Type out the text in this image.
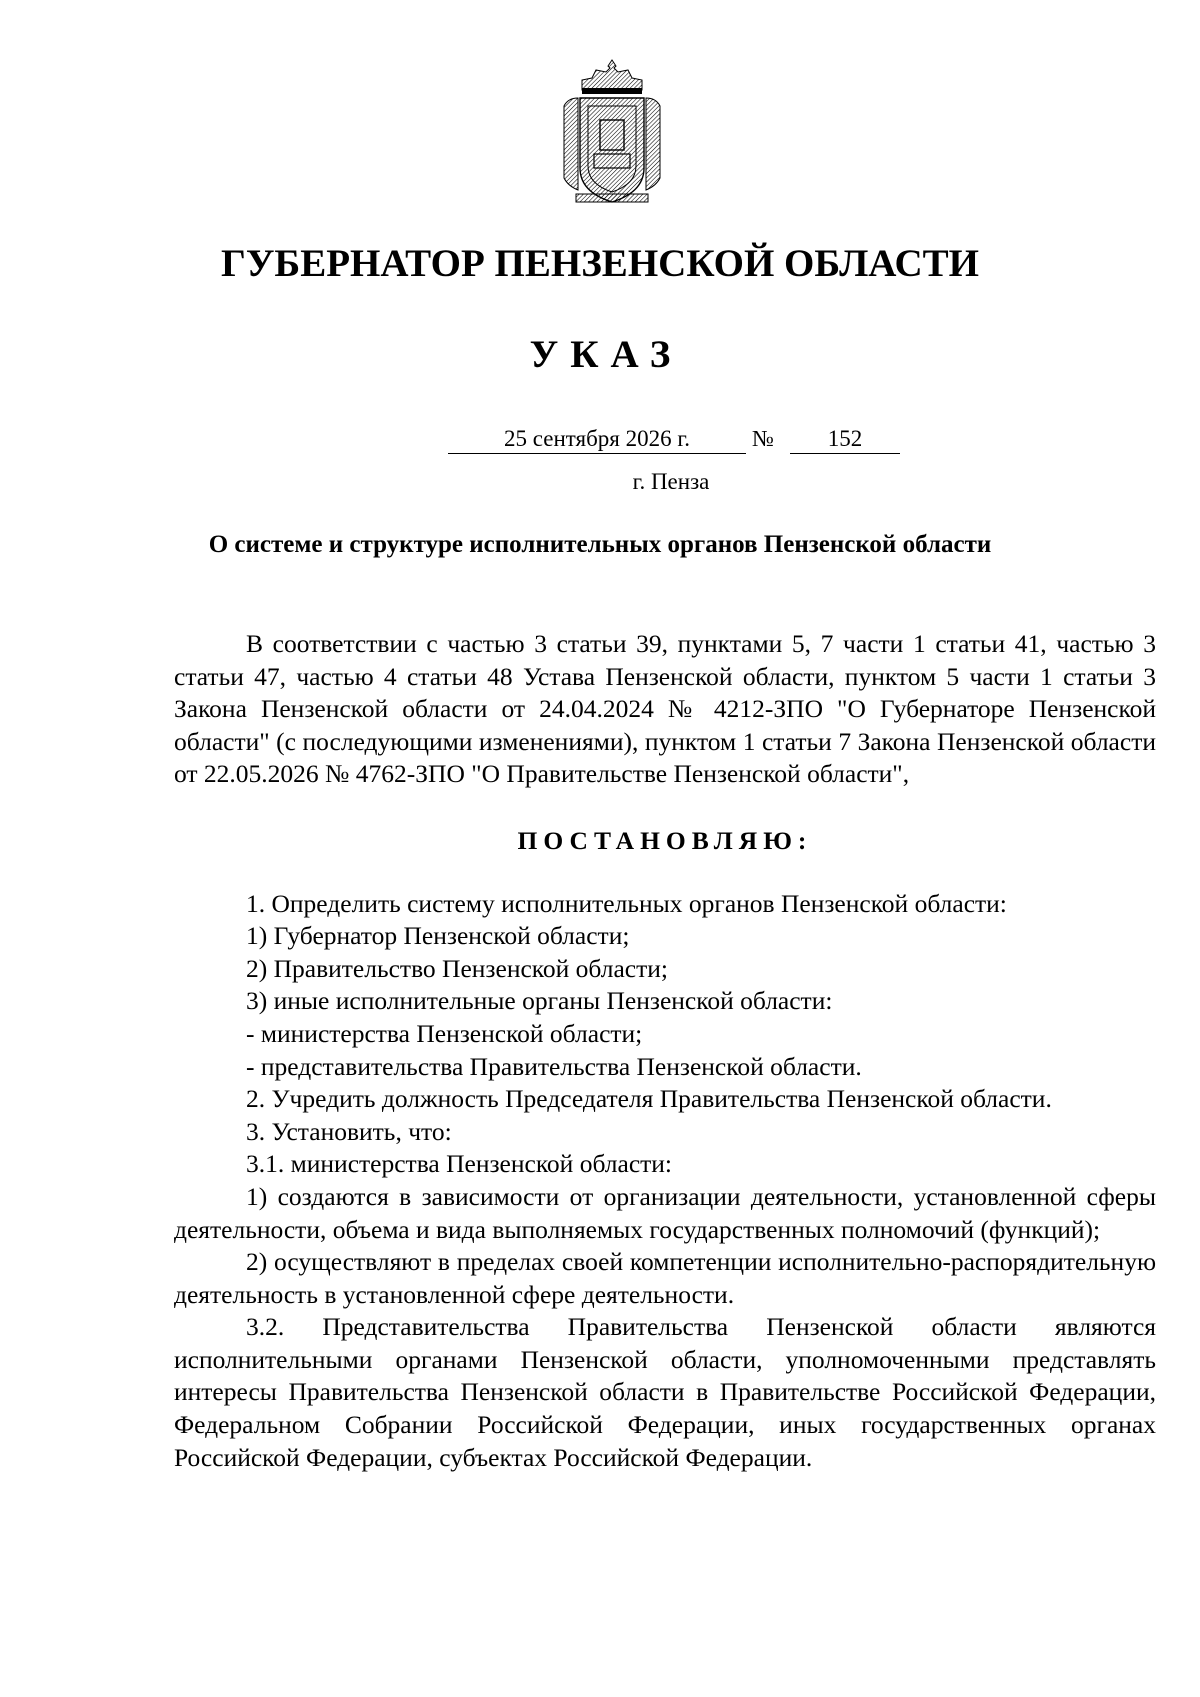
ГУБЕРНАТОР ПЕНЗЕНСКОЙ ОБЛАСТИ
УКАЗ
25 сентября 2026 г.	№	152
г. Пенза
О системе и структуре исполнительных органов Пензенской области

В соответствии с частью 3 статьи 39, пунктами 5, 7 части 1 статьи 41, частью 3 статьи 47, частью 4 статьи 48 Устава Пензенской области, пунктом 5 части 1 статьи 3 Закона Пензенской области от 24.04.2024 № 4212-ЗПО "О Губернаторе Пензенской области" (с последующими изменениями), пунктом 1 статьи 7 Закона Пензенской области от 22.05.2026 № 4762-ЗПО "О Правительстве Пензенской области",

ПОСТАНОВЛЯЮ:

1. Определить систему исполнительных органов Пензенской области:

1) Губернатор Пензенской области;

2) Правительство Пензенской области;

3) иные исполнительные органы Пензенской области:

- министерства Пензенской области;

- представительства Правительства Пензенской области.

2. Учредить должность Председателя Правительства Пензенской области.

3. Установить, что:

3.1. министерства Пензенской области:

1) создаются в зависимости от организации деятельности, установленной сферы деятельности, объема и вида выполняемых государственных полномочий (функций);

2) осуществляют в пределах своей компетенции исполнительно-распорядительную деятельность в установленной сфере деятельности.

3.2. Представительства Правительства Пензенской области являются исполнительными органами Пензенской области, уполномоченными представлять интересы Правительства Пензенской области в Правительстве Российской Федерации, Федеральном Собрании Российской Федерации, иных государственных органах Российской Федерации, субъектах Российской Федерации.
